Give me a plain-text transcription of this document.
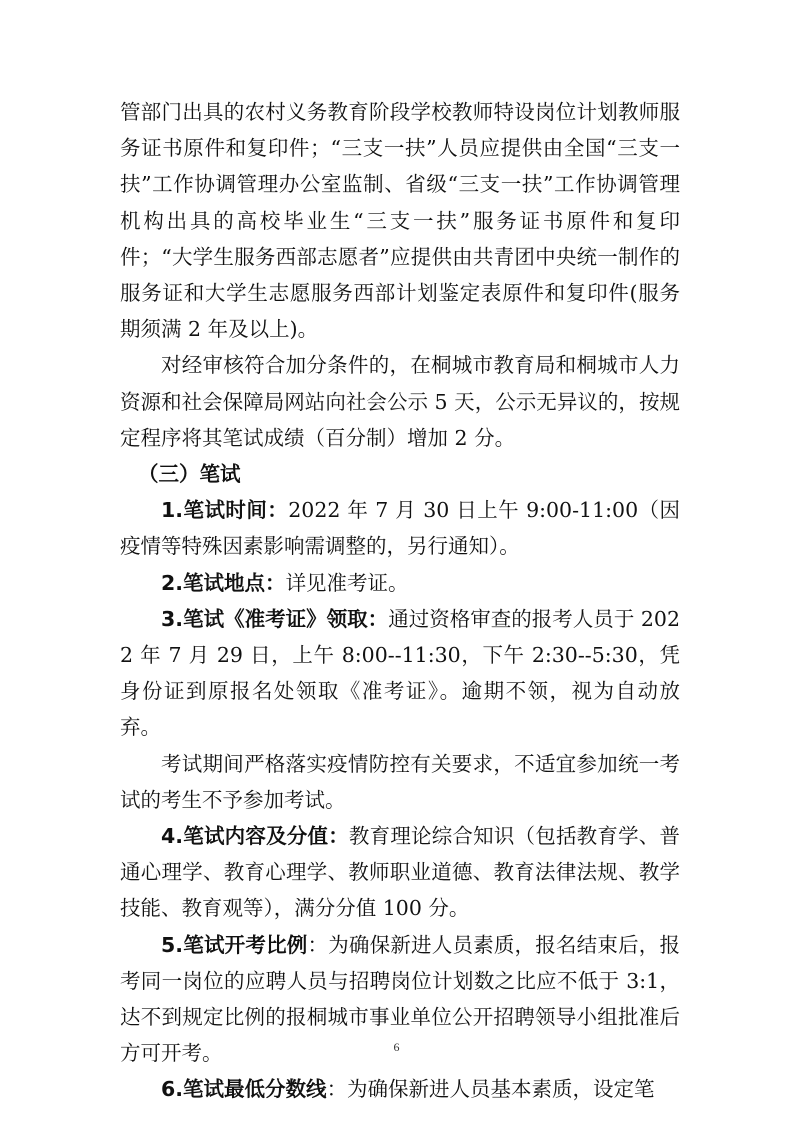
管部门出具的农村义务教育阶段学校教师特设岗位计划教师服务证书原件和复印件；“三支一扶”人员应提供由全国“三支一扶”工作协调管理办公室监制、省级“三支一扶”工作协调管理机构出具的高校毕业生“三支一扶”服务证书原件和复印件；“大学生服务西部志愿者”应提供由共青团中央统一制作的服务证和大学生志愿服务西部计划鉴定表原件和复印件(服务期须满 2 年及以上)。

对经审核符合加分条件的，在桐城市教育局和桐城市人力资源和社会保障局网站向社会公示 5 天，公示无异议的，按规定程序将其笔试成绩（百分制）增加 2 分。

（三）笔试

1.笔试时间：2022 年 7 月 30 日上午 9:00-11:00（因疫情等特殊因素影响需调整的，另行通知）。

2.笔试地点：详见准考证。

3.笔试《准考证》领取：通过资格审查的报考人员于 2022 年 7 月 29 日，上午 8:00--11:30，下午 2:30--5:30，凭身份证到原报名处领取《准考证》。逾期不领，视为自动放弃。

考试期间严格落实疫情防控有关要求，不适宜参加统一考试的考生不予参加考试。

4.笔试内容及分值：教育理论综合知识（包括教育学、普通心理学、教育心理学、教师职业道德、教育法律法规、教学技能、教育观等），满分分值 100 分。

5.笔试开考比例：为确保新进人员素质，报名结束后，报考同一岗位的应聘人员与招聘岗位计划数之比应不低于 3:1，达不到规定比例的报桐城市事业单位公开招聘领导小组批准后方可开考。

6.笔试最低分数线：为确保新进人员基本素质，设定笔

6
